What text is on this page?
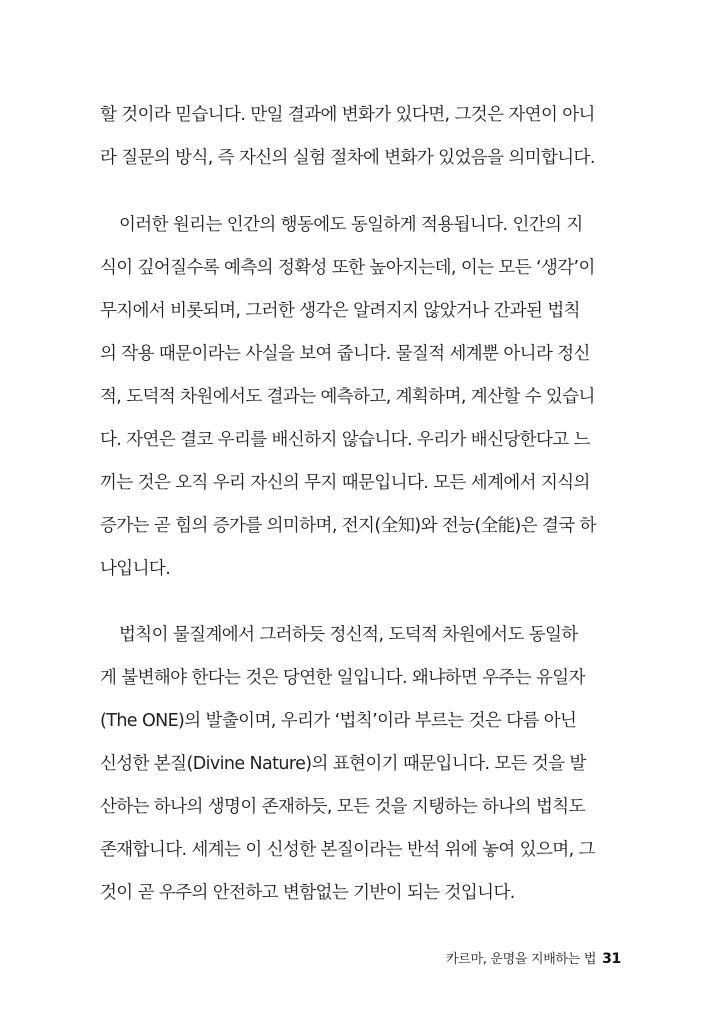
할 것이라 믿습니다. 만일 결과에 변화가 있다면, 그것은 자연이 아니
라 질문의 방식, 즉 자신의 실험 절차에 변화가 있었음을 의미합니다.
이러한 원리는 인간의 행동에도 동일하게 적용됩니다. 인간의 지
식이 깊어질수록 예측의 정확성 또한 높아지는데, 이는 모든 ‘생각’이
무지에서 비롯되며, 그러한 생각은 알려지지 않았거나 간과된 법칙
의 작용 때문이라는 사실을 보여 줍니다. 물질적 세계뿐 아니라 정신
적, 도덕적 차원에서도 결과는 예측하고, 계획하며, 계산할 수 있습니
다. 자연은 결코 우리를 배신하지 않습니다. 우리가 배신당한다고 느
끼는 것은 오직 우리 자신의 무지 때문입니다. 모든 세계에서 지식의
증가는 곧 힘의 증가를 의미하며, 전지(全知)와 전능(全能)은 결국 하
나입니다.
법칙이 물질계에서 그러하듯 정신적, 도덕적 차원에서도 동일하
게 불변해야 한다는 것은 당연한 일입니다. 왜냐하면 우주는 유일자
(The ONE)의 발출이며, 우리가 ‘법칙’이라 부르는 것은 다름 아닌
신성한 본질(Divine Nature)의 표현이기 때문입니다. 모든 것을 발
산하는 하나의 생명이 존재하듯, 모든 것을 지탱하는 하나의 법칙도
존재합니다. 세계는 이 신성한 본질이라는 반석 위에 놓여 있으며, 그
것이 곧 우주의 안전하고 변함없는 기반이 되는 것입니다.
카르마, 운명을 지배하는 법 31
